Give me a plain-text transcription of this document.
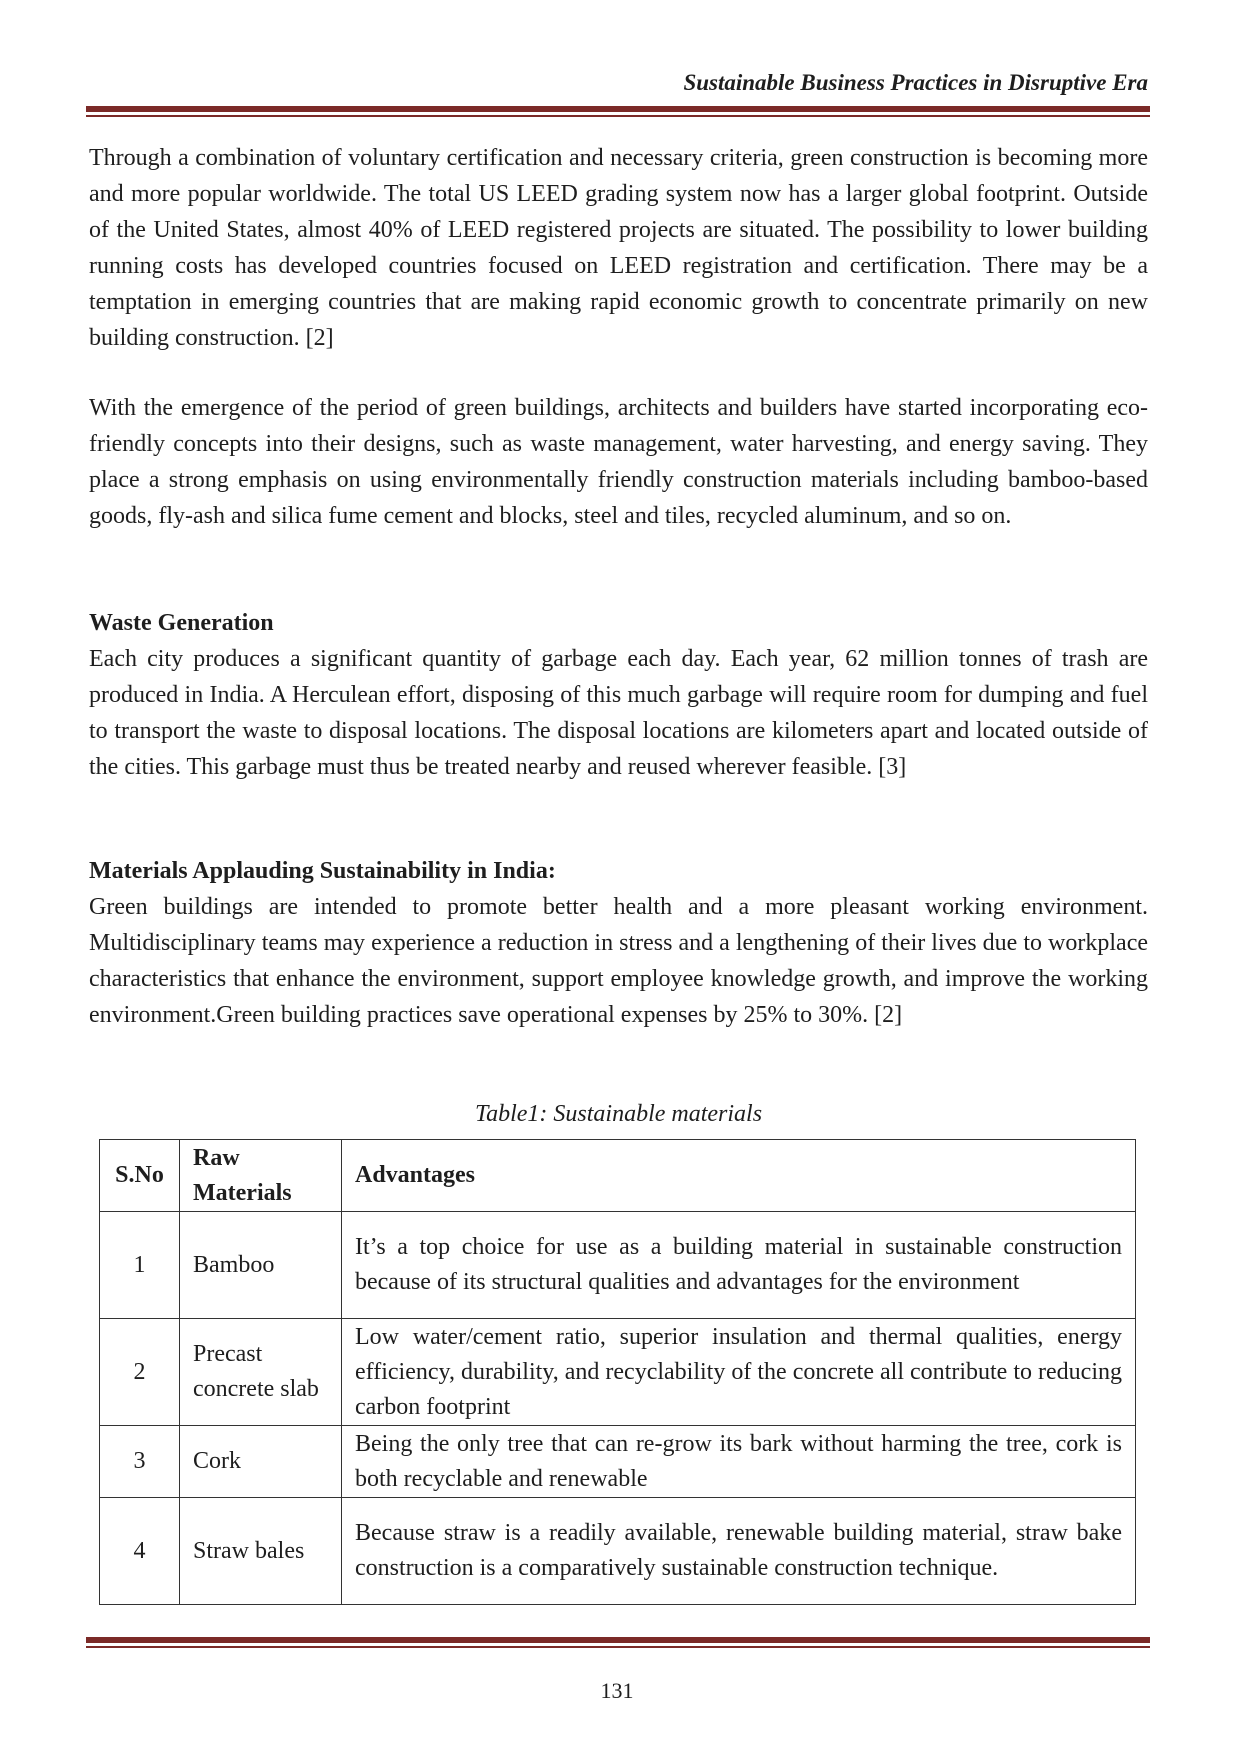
Sustainable Business Practices in Disruptive Era

Through a combination of voluntary certification and necessary criteria, green construction is becoming more and more popular worldwide. The total US LEED grading system now has a larger global footprint. Outside of the United States, almost 40% of LEED registered projects are situated. The possibility to lower building running costs has developed countries focused on LEED registration and certification. There may be a temptation in emerging countries that are making rapid economic growth to concentrate primarily on new building construction. [2]

With the emergence of the period of green buildings, architects and builders have started incorporating eco-friendly concepts into their designs, such as waste management, water harvesting, and energy saving. They place a strong emphasis on using environmentally friendly construction materials including bamboo-based goods, fly-ash and silica fume cement and blocks, steel and tiles, recycled aluminum, and so on.

Waste Generation

Each city produces a significant quantity of garbage each day. Each year, 62 million tonnes of trash are produced in India. A Herculean effort, disposing of this much garbage will require room for dumping and fuel to transport the waste to disposal locations. The disposal locations are kilometers apart and located outside of the cities. This garbage must thus be treated nearby and reused wherever feasible. [3]

Materials Applauding Sustainability in India:

Green buildings are intended to promote better health and a more pleasant working environment. Multidisciplinary teams may experience a reduction in stress and a lengthening of their lives due to workplace characteristics that enhance the environment, support employee knowledge growth, and improve the working environment.Green building practices save operational expenses by 25% to 30%. [2]

Table1: Sustainable materials
S.No	Raw Materials	Advantages
1	Bamboo	It’s a top choice for use as a building material in sustainable construction because of its structural qualities and advantages for the environment
2	Precast concrete slab	Low water/cement ratio, superior insulation and thermal qualities, energy efficiency, durability, and recyclability of the concrete all contribute to reducing carbon footprint
3	Cork	Being the only tree that can re-grow its bark without harming the tree, cork is both recyclable and renewable
4	Straw bales	Because straw is a readily available, renewable building material, straw bake construction is a comparatively sustainable construction technique.
131
